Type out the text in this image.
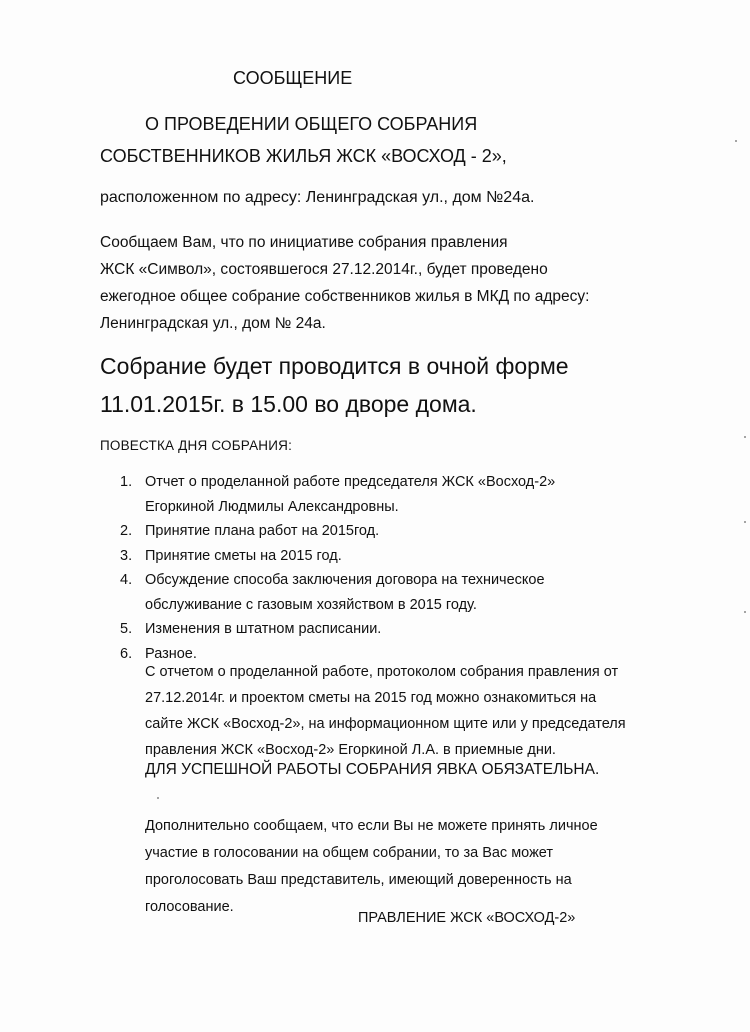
СООБЩЕНИЕ
О ПРОВЕДЕНИИ ОБЩЕГО СОБРАНИЯ
СОБСТВЕННИКОВ ЖИЛЬЯ ЖСК «ВОСХОД - 2»,
расположенном по адресу: Ленинградская ул., дом №24а.
Сообщаем Вам, что по инициативе собрания правления
ЖСК «Символ», состоявшегося 27.12.2014г., будет проведено
ежегодное общее собрание собственников жилья в МКД по адресу:
Ленинградская ул., дом № 24а.
Собрание будет проводится в очной форме
11.01.2015г. в 15.00 во дворе дома.
ПОВЕСТКА ДНЯ СОБРАНИЯ:
1. Отчет о проделанной работе председателя ЖСК «Восход-2»
Егоркиной Людмилы Александровны.
2. Принятие плана работ на 2015год.
3. Принятие сметы на 2015 год.
4. Обсуждение способа заключения договора на техническое
обслуживание с газовым хозяйством в 2015 году.
5. Изменения в штатном расписании.
6. Разное.
С отчетом о проделанной работе, протоколом собрания правления от
27.12.2014г. и проектом сметы на 2015 год можно ознакомиться на
сайте ЖСК «Восход-2», на информационном щите или у председателя
правления ЖСК «Восход-2» Егоркиной Л.А. в приемные дни.
ДЛЯ УСПЕШНОЙ РАБОТЫ СОБРАНИЯ ЯВКА ОБЯЗАТЕЛЬНА.
Дополнительно сообщаем, что если Вы не можете принять личное
участие в голосовании на общем собрании, то за Вас может
проголосовать Ваш представитель, имеющий доверенность на
голосование.
ПРАВЛЕНИЕ ЖСК «ВОСХОД-2»
